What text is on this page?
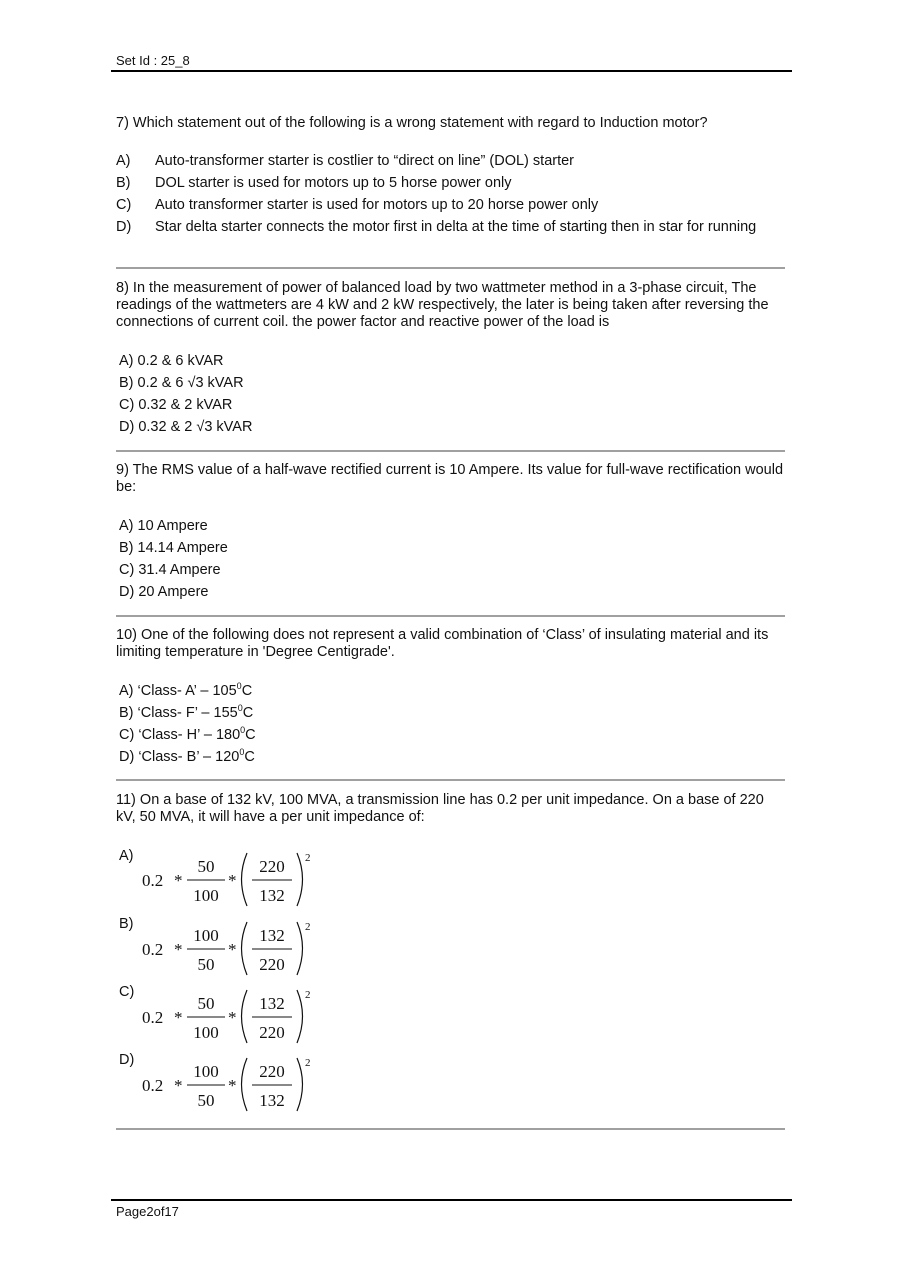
Set Id : 25_8
7) Which statement out of the following is a wrong statement with regard to Induction motor?
A)	Auto-transformer starter is costlier to “direct on line” (DOL) starter
B)	DOL starter is used for motors up to 5 horse power only
C)	Auto transformer starter is used for motors up to 20 horse power only
D)	Star delta starter connects the motor first in delta at the time of starting then in star for running
8) In the measurement of power of balanced load by two wattmeter method in a 3-phase circuit, The readings of the wattmeters are 4 kW and 2 kW respectively, the later is being taken after reversing the connections of current coil. the power factor and reactive power of the load is
A) 0.2 & 6 kVAR
B) 0.2 & 6 √3 kVAR
C) 0.32 & 2 kVAR
D) 0.32 & 2 √3 kVAR
9) The RMS value of a half-wave rectified current is 10 Ampere. Its value for full-wave rectification would be:
A) 10 Ampere
B) 14.14 Ampere
C) 31.4 Ampere
D) 20 Ampere
10) One of the following does not represent a valid combination of ‘Class’ of insulating material and its limiting temperature in 'Degree Centigrade'.
A) ‘Class- A’ – $105^0C$
B) ‘Class- F’ – $155^0C$
C) ‘Class- H’ – $180^0C$
D) ‘Class- B’ – $120^0C$
11) On a base of 132 kV, 100 MVA, a transmission line has 0.2 per unit impedance. On a base of 220 kV, 50 MVA, it will have a per unit impedance of:
A)
0.2 *
50
100
*
220
132
2
B)
0.2 *
100
50
*
132
220
2
C)
0.2 *
50
100
*
132
220
2
D)
0.2 *
100
50
*
220
132
2
Page2of17
